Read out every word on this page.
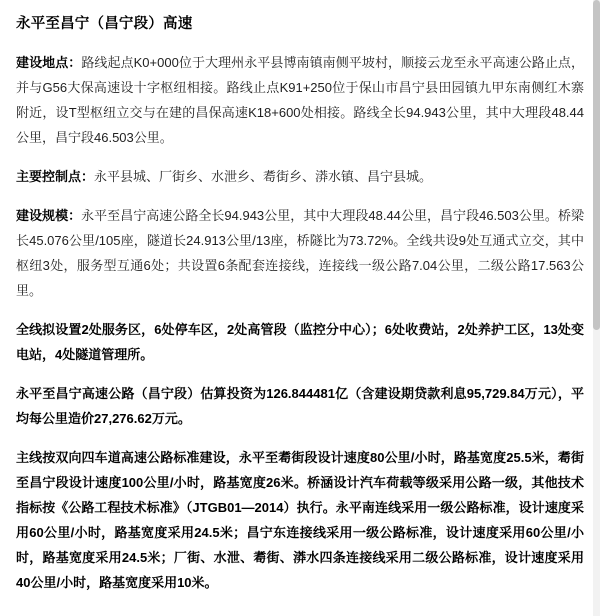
永平至昌宁（昌宁段）高速

建设地点：路线起点K0+000位于大理州永平县博南镇南侧平坡村，顺接云龙至永平高速公路止点，并与G56大保高速设十字枢纽相接。路线止点K91+250位于保山市昌宁县田园镇九甲东南侧红木寨附近，设T型枢纽立交与在建的昌保高速K18+600处相接。路线全长94.943公里，其中大理段48.44公里，昌宁段46.503公里。

主要控制点：永平县城、厂街乡、水泄乡、耈街乡、漭水镇、昌宁县城。

建设规模：永平至昌宁高速公路全长94.943公里，其中大理段48.44公里，昌宁段46.503公里。桥梁长45.076公里/105座，隧道长24.913公里/13座，桥隧比为73.72%。全线共设9处互通式立交，其中枢纽3处，服务型互通6处；共设置6条配套连接线，连接线一级公路7.04公里，二级公路17.563公里。

全线拟设置2处服务区，6处停车区，2处高管段（监控分中心）；6处收费站，2处养护工区，13处变电站，4处隧道管理所。

永平至昌宁高速公路（昌宁段）估算投资为126.844481亿（含建设期贷款利息95,729.84万元），平均每公里造价27,276.62万元。

主线按双向四车道高速公路标准建设，永平至耈街段设计速度80公里/小时，路基宽度25.5米，耈街至昌宁段设计速度100公里/小时，路基宽度26米。桥涵设计汽车荷载等级采用公路一级，其他技术指标按《公路工程技术标准》（JTGB01—2014）执行。永平南连线采用一级公路标准，设计速度采用60公里/小时，路基宽度采用24.5米；昌宁东连接线采用一级公路标准，设计速度采用60公里/小时，路基宽度采用24.5米；厂街、水泄、耈街、漭水四条连接线采用二级公路标准，设计速度采用40公里/小时，路基宽度采用10米。
